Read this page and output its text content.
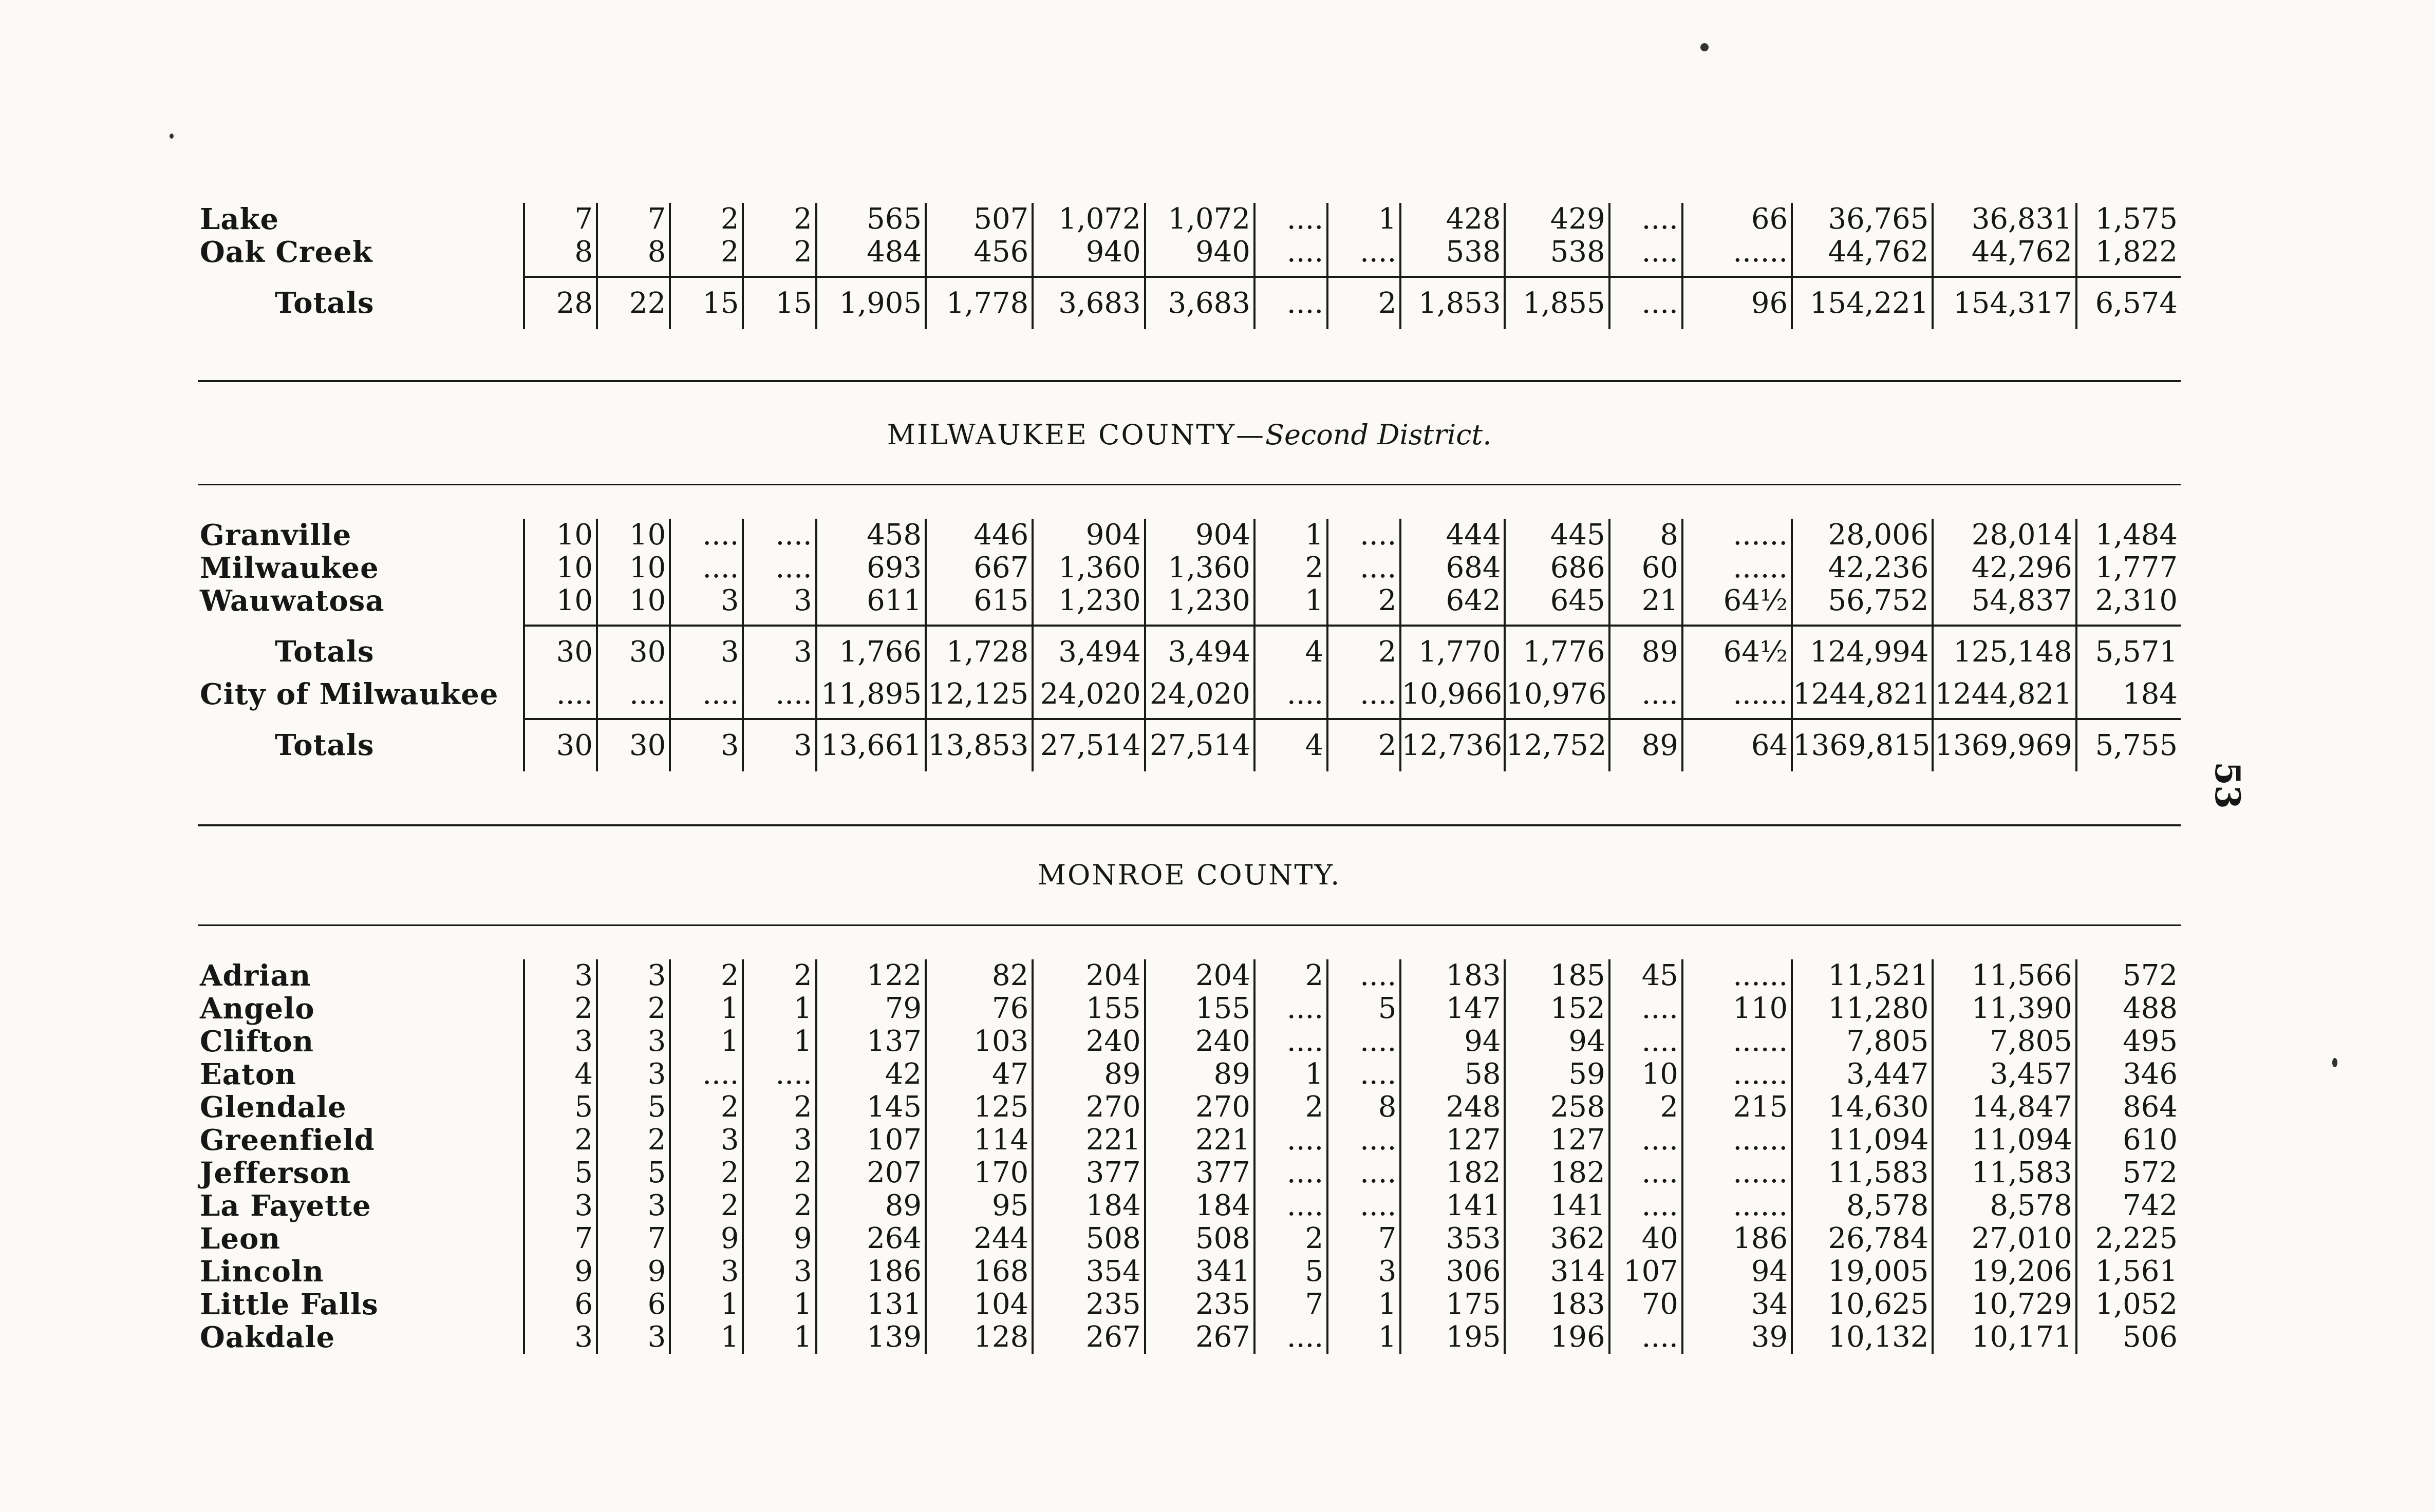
Lake	7	7	2	2	565	507	1,072	1,072	....	1	428	429	....	66	36,765	36,831	1,575
Oak Creek	8	8	2	2	484	456	940	940	....	....	538	538	....	......	44,762	44,762	1,822

Totals	28	22	15	15	1,905	1,778	3,683	3,683	....	2	1,853	1,855	....	96	154,221	154,317	6,574
MILWAUKEE COUNTY—Second District.
Granville	10	10	....	....	458	446	904	904	1	....	444	445	8	......	28,006	28,014	1,484
Milwaukee	10	10	....	....	693	667	1,360	1,360	2	....	684	686	60	......	42,236	42,296	1,777
Wauwatosa	10	10	3	3	611	615	1,230	1,230	1	2	642	645	21	64½	56,752	54,837	2,310

Totals	30	30	3	3	1,766	1,728	3,494	3,494	4	2	1,770	1,776	89	64½	124,994	125,148	5,571
City of Milwaukee	....	....	....	....	11,895	12,125	24,020	24,020	....	....	10,966	10,976	....	......	1244,821	1244,821	184

Totals	30	30	3	3	13,661	13,853	27,514	27,514	4	2	12,736	12,752	89	64	1369,815	1369,969	5,755
MONROE COUNTY.
Adrian	3	3	2	2	122	82	204	204	2	....	183	185	45	......	11,521	11,566	572
Angelo	2	2	1	1	79	76	155	155	....	5	147	152	....	110	11,280	11,390	488
Clifton	3	3	1	1	137	103	240	240	....	....	94	94	....	......	7,805	7,805	495
Eaton	4	3	....	....	42	47	89	89	1	....	58	59	10	......	3,447	3,457	346
Glendale	5	5	2	2	145	125	270	270	2	8	248	258	2	215	14,630	14,847	864
Greenfield	2	2	3	3	107	114	221	221	....	....	127	127	....	......	11,094	11,094	610
Jefferson	5	5	2	2	207	170	377	377	....	....	182	182	....	......	11,583	11,583	572
La Fayette	3	3	2	2	89	95	184	184	....	....	141	141	....	......	8,578	8,578	742
Leon	7	7	9	9	264	244	508	508	2	7	353	362	40	186	26,784	27,010	2,225
Lincoln	9	9	3	3	186	168	354	341	5	3	306	314	107	94	19,005	19,206	1,561
Little Falls	6	6	1	1	131	104	235	235	7	1	175	183	70	34	10,625	10,729	1,052
Oakdale	3	3	1	1	139	128	267	267	....	1	195	196	....	39	10,132	10,171	506
53
